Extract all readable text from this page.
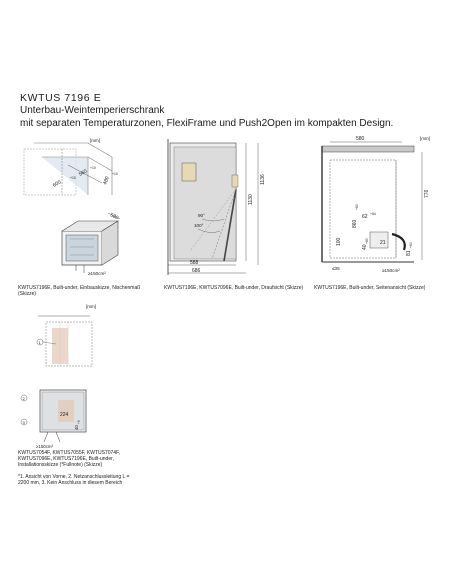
KWTUS 7196 E
Unterbau-Weintemperierschrank
mit separaten Temperaturzonen, FlexiFrame und Push2Open im kompakten Design.
[mm]
560
600
+10	480
+10
+10
580
≥150cm²
KWTUS7196E, Built-under, Einbauskizze, Nischenmaß (Skizze)
90°
100°
1130
1136
588
686
KWTUS7196E, KWTUS7096E, Built-under, Draufsicht (Skizze)
580	[mm]
776
860
+60
62 +54
100
40
+60 21
81
+60
≤35	≥150cm²
KWTUS7196E, Built-under, Seitenansicht (Skizze)
[mm]
1
224
2
3
40
+5
≥150cm²
KWTUS7054F, KWTUS7055F, KWTUS7074F, KWTUS7096E, KWTUS7196E, Built-under, Installationsskizze (*Fullnote) (Skizze)
*1. Ansicht von Vorne, 2. Netzanschlussleitung L = 2200 mm, 3. Kein Anschluss in diesem Bereich
